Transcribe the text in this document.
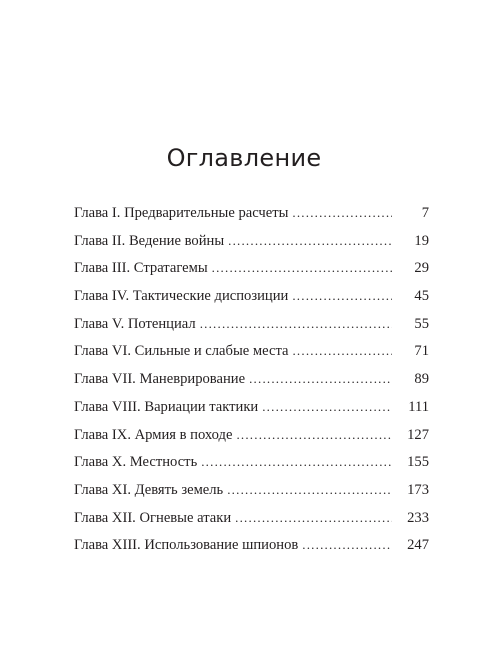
Оглавление
Глава I. Предварительные расчеты .....	7
Глава II. Ведение войны .....	19
Глава III. Стратагемы .....	29
Глава IV. Тактические диспозиции .....	45
Глава V. Потенциал .....	55
Глава VI. Сильные и слабые места .....	71
Глава VII. Маневрирование .....	89
Глава VIII. Вариации тактики .....	111
Глава IX. Армия в походе .....	127
Глава X. Местность .....	155
Глава XI. Девять земель .....	173
Глава XII. Огневые атаки .....	233
Глава XIII. Использование шпионов .....	247
